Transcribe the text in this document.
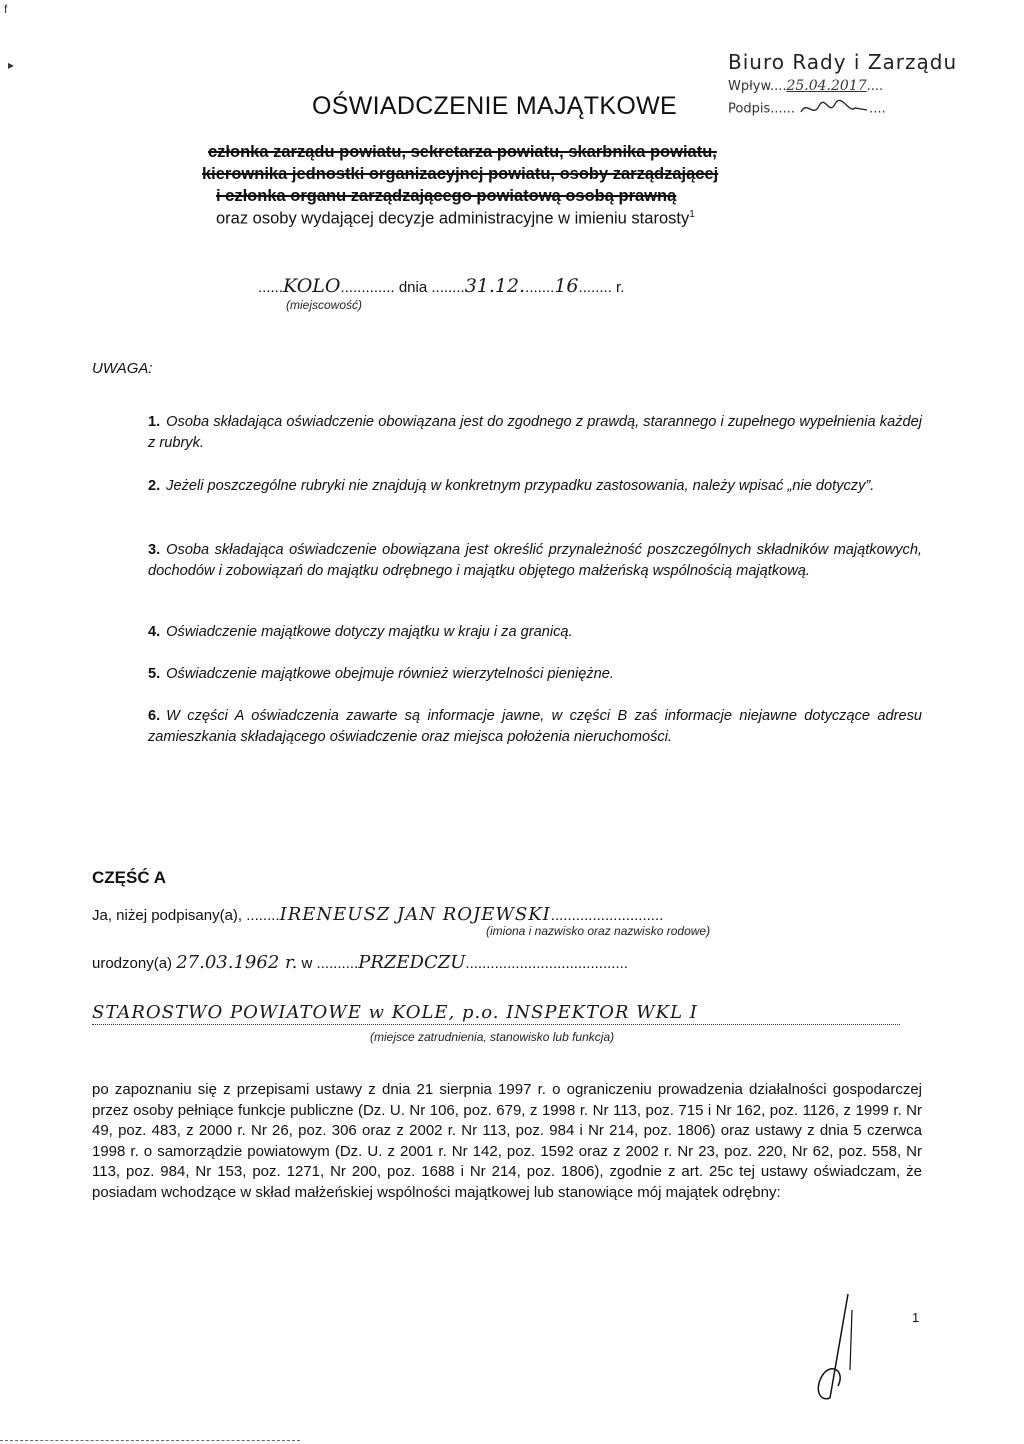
f
▸	Biuro Rady i Zarządu
Wpływ....25.04.2017....
Podpis......	....
OŚWIADCZENIE MAJĄTKOWE
członka zarządu powiatu, sekretarza powiatu, skarbnika powiatu,
kierownika jednostki organizacyjnej powiatu, osoby zarządzającej
i członka organu zarządzającego powiatową osobą prawną
oraz osoby wydającej decyzje administracyjne w imieniu starosty$^1$
......KOLO............. dnia ........31.12........16........ r.
(miejscowość)
UWAGA:
1. Osoba składająca oświadczenie obowiązana jest do zgodnego z prawdą, starannego i zupełnego wypełnienia każdej z rubryk.
2. Jeżeli poszczególne rubryki nie znajdują w konkretnym przypadku zastosowania, należy wpisać „nie dotyczy”.
3. Osoba składająca oświadczenie obowiązana jest określić przynależność poszczególnych składników majątkowych, dochodów i zobowiązań do majątku odrębnego i majątku objętego małżeńską wspólnością majątkową.
4. Oświadczenie majątkowe dotyczy majątku w kraju i za granicą.
5. Oświadczenie majątkowe obejmuje również wierzytelności pieniężne.
6. W części A oświadczenia zawarte są informacje jawne, w części B zaś informacje niejawne dotyczące adresu zamieszkania składającego oświadczenie oraz miejsca położenia nieruchomości.
CZĘŚĆ A
Ja, niżej podpisany(a), ........IRENEUSZ JAN ROJEWSKI...........................
(imiona i nazwisko oraz nazwisko rodowe)
urodzony(a) 27.03.1962 r. w ..........PRZEDCZU.......................................
STAROSTWO POWIATOWE w KOLE, p.o. INSPEKTOR WKL I
(miejsce zatrudnienia, stanowisko lub funkcja)
po zapoznaniu się z przepisami ustawy z dnia 21 sierpnia 1997 r. o ograniczeniu prowadzenia działalności gospodarczej przez osoby pełniące funkcje publiczne (Dz. U. Nr 106, poz. 679, z 1998 r. Nr 113, poz. 715 i Nr 162, poz. 1126, z 1999 r. Nr 49, poz. 483, z 2000 r. Nr 26, poz. 306 oraz z 2002 r. Nr 113, poz. 984 i Nr 214, poz. 1806) oraz ustawy z dnia 5 czerwca 1998 r. o samorządzie powiatowym (Dz. U. z 2001 r. Nr 142, poz. 1592 oraz z 2002 r. Nr 23, poz. 220, Nr 62, poz. 558, Nr 113, poz. 984, Nr 153, poz. 1271, Nr 200, poz. 1688 i Nr 214, poz. 1806), zgodnie z art. 25c tej ustawy oświadczam, że posiadam wchodzące w skład małżeńskiej wspólności majątkowej lub stanowiące mój majątek odrębny:
1
